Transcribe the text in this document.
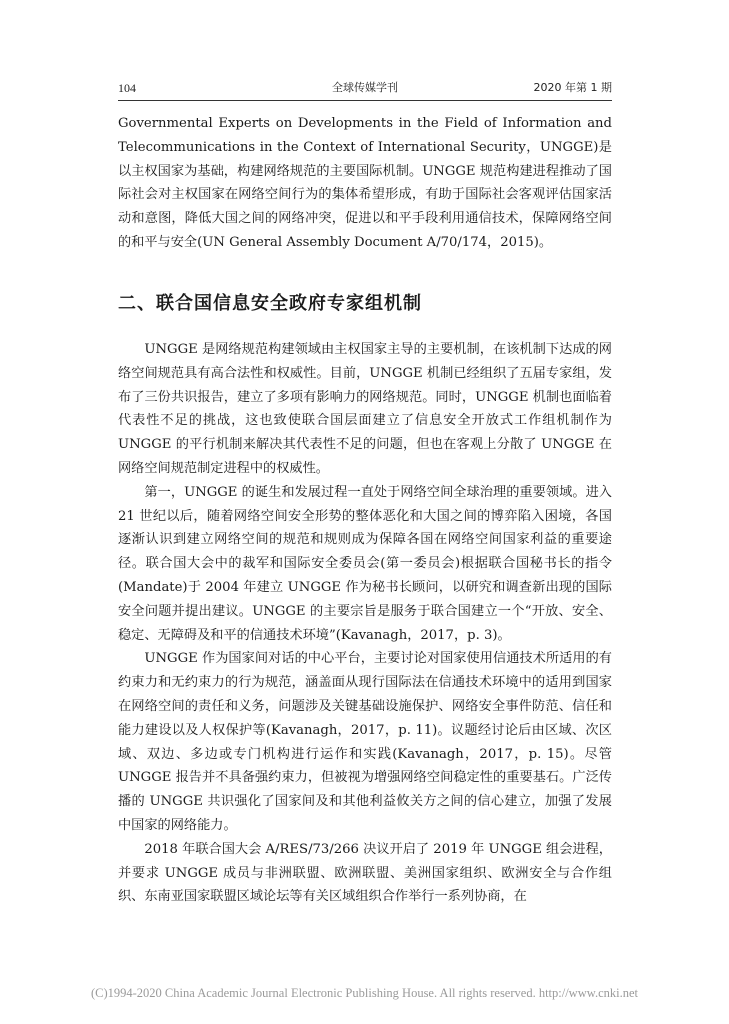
104	全球传媒学刊	2020 年第 1 期

Governmental Experts on Developments in the Field of Information and Telecommunications in the Context of International Security，UNGGE)是以主权国家为基础，构建网络规范的主要国际机制。UNGGE 规范构建进程推动了国际社会对主权国家在网络空间行为的集体希望形成，有助于国际社会客观评估国家活动和意图，降低大国之间的网络冲突，促进以和平手段利用通信技术，保障网络空间的和平与安全(UN General Assembly Document A/70/174，2015)。

二、联合国信息安全政府专家组机制

UNGGE 是网络规范构建领域由主权国家主导的主要机制，在该机制下达成的网络空间规范具有高合法性和权威性。目前，UNGGE 机制已经组织了五届专家组，发布了三份共识报告，建立了多项有影响力的网络规范。同时，UNGGE 机制也面临着代表性不足的挑战，这也致使联合国层面建立了信息安全开放式工作组机制作为 UNGGE 的平行机制来解决其代表性不足的问题，但也在客观上分散了 UNGGE 在网络空间规范制定进程中的权威性。

第一，UNGGE 的诞生和发展过程一直处于网络空间全球治理的重要领域。进入 21 世纪以后，随着网络空间安全形势的整体恶化和大国之间的博弈陷入困境，各国逐渐认识到建立网络空间的规范和规则成为保障各国在网络空间国家利益的重要途径。联合国大会中的裁军和国际安全委员会(第一委员会)根据联合国秘书长的指令(Mandate)于 2004 年建立 UNGGE 作为秘书长顾问，以研究和调查新出现的国际安全问题并提出建议。UNGGE 的主要宗旨是服务于联合国建立一个“开放、安全、稳定、无障碍及和平的信通技术环境”(Kavanagh，2017，p. 3)。

UNGGE 作为国家间对话的中心平台，主要讨论对国家使用信通技术所适用的有约束力和无约束力的行为规范，涵盖面从现行国际法在信通技术环境中的适用到国家在网络空间的责任和义务，问题涉及关键基础设施保护、网络安全事件防范、信任和能力建设以及人权保护等(Kavanagh，2017，p. 11)。议题经讨论后由区域、次区域、双边、多边或专门机构进行运作和实践(Kavanagh，2017，p. 15)。尽管 UNGGE 报告并不具备强约束力，但被视为增强网络空间稳定性的重要基石。广泛传播的 UNGGE 共识强化了国家间及和其他利益攸关方之间的信心建立，加强了发展中国家的网络能力。

2018 年联合国大会 A/RES/73/266 决议开启了 2019 年 UNGGE 组会进程，并要求 UNGGE 成员与非洲联盟、欧洲联盟、美洲国家组织、欧洲安全与合作组织、东南亚国家联盟区域论坛等有关区域组织合作举行一系列协商，在

(C)1994-2020 China Academic Journal Electronic Publishing House. All rights reserved. http://www.cnki.net
